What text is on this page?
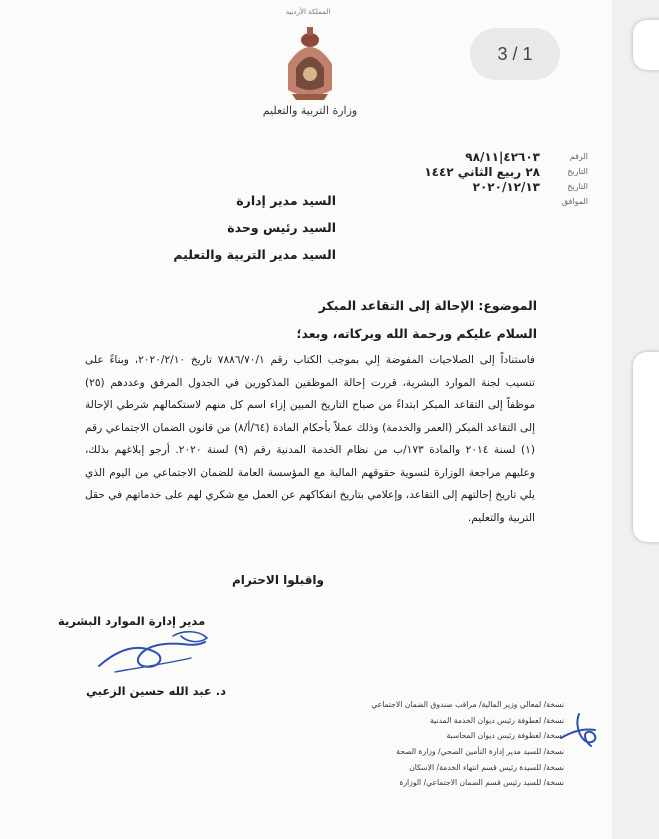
المملكة الأردنية
وزارة التربية والتعليم
الرقم
٤٢٦٠٣|٩٨/١١
التاريخ
٢٨ ربيع الثاني ١٤٤٢
التاريخ
٢٠٢٠/١٢/١٣
الموافق
السيد مدير إدارة
السيد رئيس وحدة
السيد مدير التربية والتعليم
الموضوع: الإحالة إلى التقاعد المبكر
السلام عليكم ورحمة الله وبركاته، وبعد؛
فاستناداً إلى الصلاحيات المفوضة إلي بموجب الكتاب رقم ٧٨٨٦/٧٠/١ تاريخ ٢٠٢٠/٢/١٠، وبناءً على تنسيب لجنة الموارد البشرية، قررت إحالة الموظفين المذكورين في الجدول المرفق وعددهم (٢٥) موظفاً إلى التقاعد المبكر ابتداءً من صباح التاريخ المبين إزاء اسم كل منهم لاستكمالهم شرطي الإحالة إلى التقاعد المبكر (العمر والخدمة) وذلك عملاً بأحكام المادة (٦٤/أ/٨) من قانون الضمان الاجتماعي رقم (١) لسنة ٢٠١٤ والمادة ١٧٣/ب من نظام الخدمة المدنية رقم (٩) لسنة ٢٠٢٠. أرجو إبلاغهم بذلك، وعليهم مراجعة الوزارة لتسوية حقوقهم المالية مع المؤسسة العامة للضمان الاجتماعي من اليوم الذي يلي تاريخ إحالتهم إلى التقاعد، وإعلامي بتاريخ انفكاكهم عن العمل مع شكري لهم على خدماتهم في حقل التربية والتعليم.
واقبلوا الاحترام
مدير إدارة الموارد البشرية
د. عبد الله حسين الزعبي
نسخة/ لمعالي وزير المالية/ مراقب صندوق الضمان الاجتماعي
نسخة/ لعطوفة رئيس ديوان الخدمة المدنية
نسخة/ لعطوفة رئيس ديوان المحاسبة
نسخة/ للسيد مدير إدارة التأمين الصحي/ وزارة الصحة
نسخة/ للسيدة رئيس قسم انتهاء الخدمة/ الاسكان
نسخة/ للسيد رئيس قسم الضمان الاجتماعي/ الوزارة
3 / 1
